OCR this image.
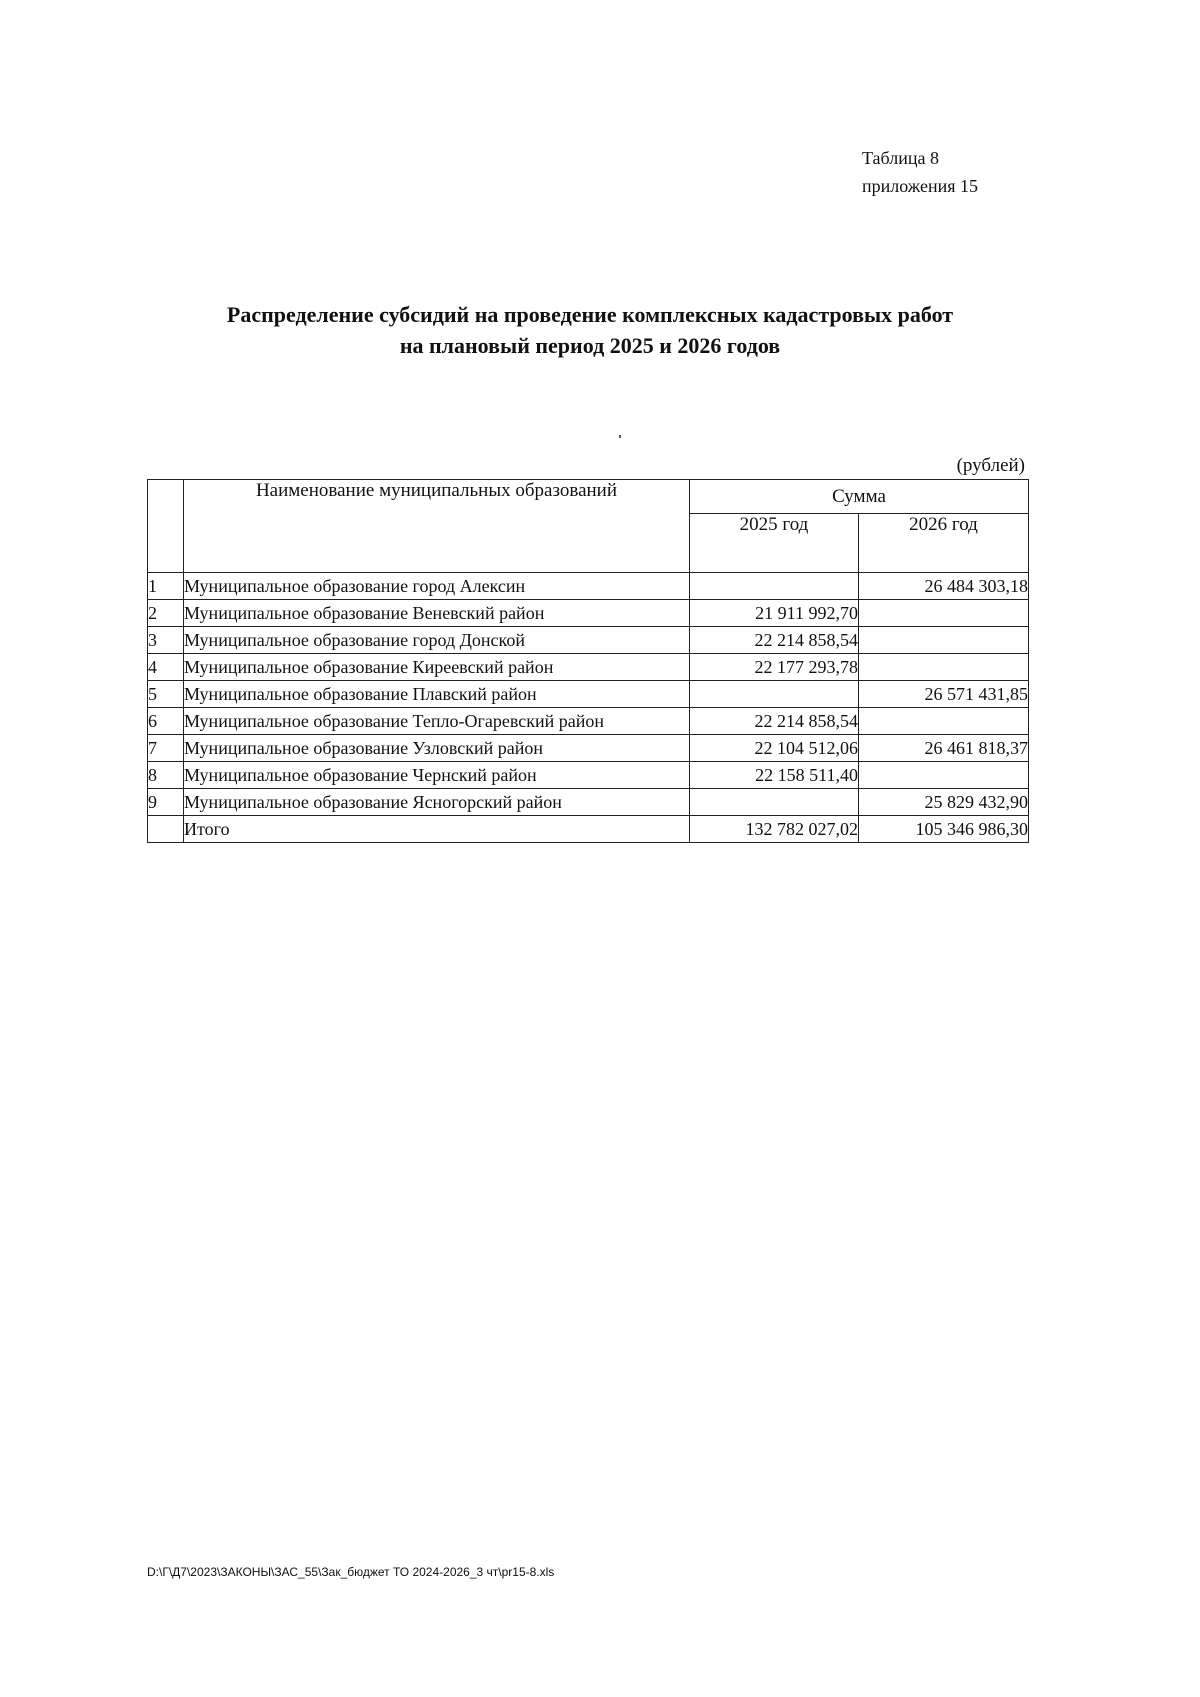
Таблица 8
приложения 15
Распределение субсидий на проведение комплексных кадастровых работ
на плановый период 2025 и 2026 годов
(рублей)
	Наименование муниципальных образований	Сумма	
		2025 год	2026 год
1	Муниципальное образование город Алексин		26 484 303,18
2	Муниципальное образование Веневский район	21 911 992,70	
3	Муниципальное образование город Донской	22 214 858,54	
4	Муниципальное образование Киреевский район	22 177 293,78	
5	Муниципальное образование Плавский район		26 571 431,85
6	Муниципальное образование Тепло-Огаревский район	22 214 858,54	
7	Муниципальное образование Узловский район	22 104 512,06	26 461 818,37
8	Муниципальное образование Чернский район	22 158 511,40	
9	Муниципальное образование Ясногорский район		25 829 432,90
	Итого	132 782 027,02	105 346 986,30
D:\Г\Д7\2023\ЗАКОНЫ\ЗАС_55\Зак_бюджет ТО 2024-2026_3 чт\pr15-8.xls
